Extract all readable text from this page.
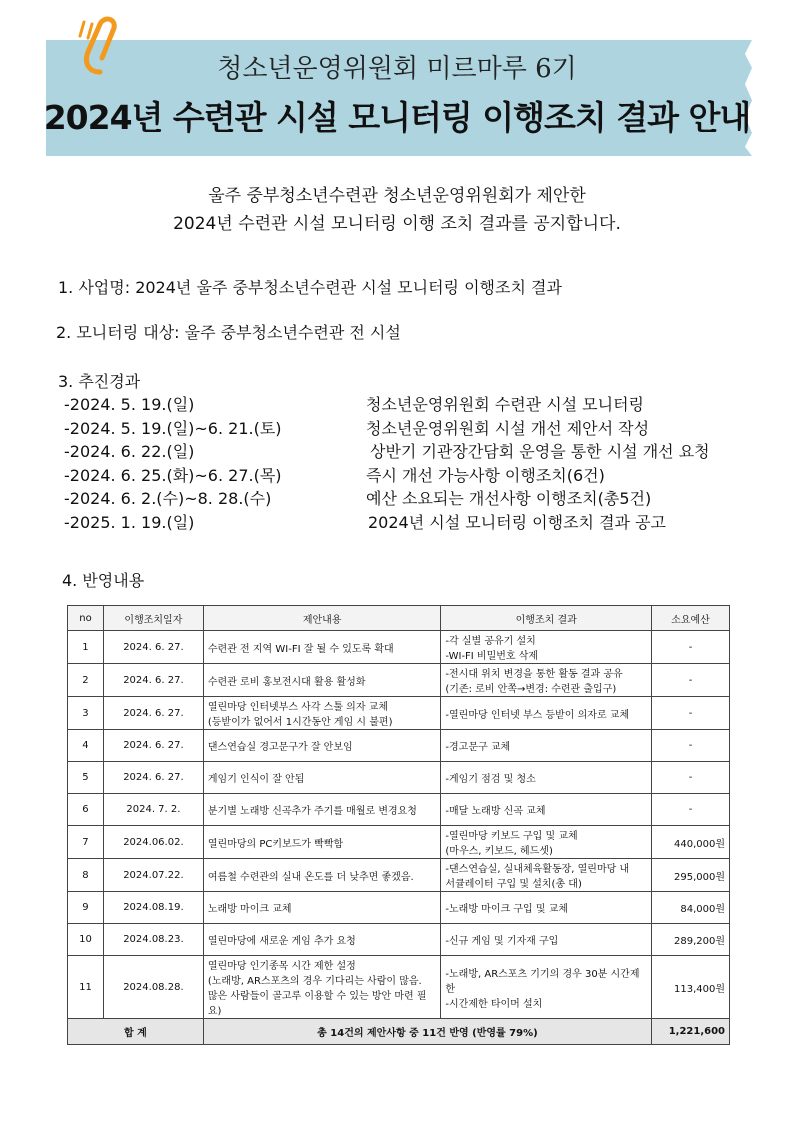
청소년운영위원회 미르마루 6기
2024년 수련관 시설 모니터링 이행조치 결과 안내
울주 중부청소년수련관 청소년운영위원회가 제안한
2024년 수련관 시설 모니터링 이행 조치 결과를 공지합니다.
1. 사업명: 2024년 울주 중부청소년수련관 시설 모니터링 이행조치 결과
2. 모니터링 대상: 울주 중부청소년수련관 전 시설
3. 추진경과
-2024. 5. 19.(일)	청소년운영위원회 수련관 시설 모니터링
-2024. 5. 19.(일)~6. 21.(토)	청소년운영위원회 시설 개선 제안서 작성
-2024. 6. 22.(일)	상반기 기관장간담회 운영을 통한 시설 개선 요청
-2024. 6. 25.(화)~6. 27.(목)	즉시 개선 가능사항 이행조치(6건)
-2024. 6. 2.(수)~8. 28.(수)	예산 소요되는 개선사항 이행조치(총5건)
-2025. 1. 19.(일)	2024년 시설 모니터링 이행조치 결과 공고
4. 반영내용
no	이행조치일자	제안내용	이행조치 결과	소요예산
1	2024. 6. 27.	수련관 전 지역 WI-FI 잘 될 수 있도록 확대	-각 실별 공유기 설치
-WI-FI 비밀번호 삭제	-
2	2024. 6. 27.	수련관 로비 홍보전시대 활용 활성화	-전시대 위치 변경을 통한 활동 결과 공유
(기존: 로비 안쪽→변경: 수련관 출입구)	-
3	2024. 6. 27.	열린마당 인터넷부스 사각 스툴 의자 교체
(등받이가 없어서 1시간동안 게임 시 불편)	-열린마당 인터넷 부스 등받이 의자로 교체	-
4	2024. 6. 27.	댄스연습실 경고문구가 잘 안보임	-경고문구 교체	-
5	2024. 6. 27.	게임기 인식이 잘 안됨	-게임기 점검 및 청소	-
6	2024. 7. 2.	분기별 노래방 신곡추가 주기를 매월로 변경요청	-매달 노래방 신곡 교체	-
7	2024.06.02.	열린마당의 PC키보드가 빡빡함	-열린마당 키보드 구입 및 교체
(마우스, 키보드, 헤드셋)	440,000원
8	2024.07.22.	여름철 수련관의 실내 온도를 더 낮추면 좋겠음.	-댄스연습실, 실내체육활동장, 열린마당 내
서큘레이터 구입 및 설치(총 대)	295,000원
9	2024.08.19.	노래방 마이크 교체	-노래방 마이크 구입 및 교체	84,000원
10	2024.08.23.	열린마당에 새로운 게임 추가 요청	-신규 게임 및 기자재 구입	289,200원
11	2024.08.28.	열린마당 인기종목 시간 제한 설정
(노래방, AR스포츠의 경우 기다리는 사람이 많음.
많은 사람들이 골고루 이용할 수 있는 방안 마련 필요)	-노래방, AR스포츠 기기의 경우 30분 시간제한
-시간제한 타이머 설치	113,400원
합 계		총 14건의 제안사항 중 11건 반영 (반영률 79%)		1,221,600
